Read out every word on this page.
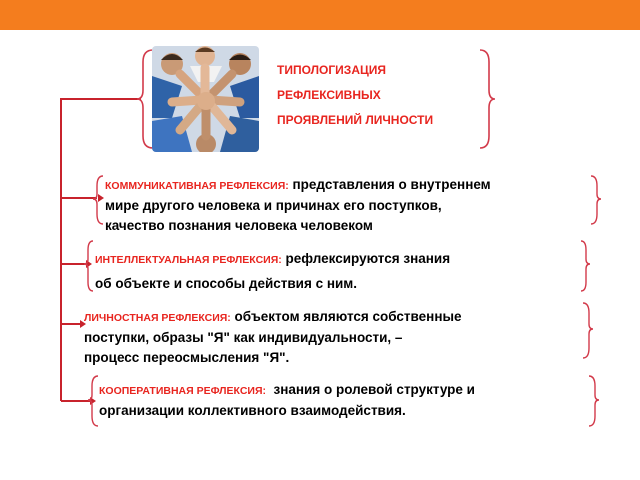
ТИПОЛОГИЗАЦИЯ
РЕФЛЕКСИВНЫХ
ПРОЯВЛЕНИЙ ЛИЧНОСТИ
КОММУНИКАТИВНАЯ РЕФЛЕКСИЯ: представления о внутреннем
мире другого человека и причинах его поступков,
качество познания человека человеком
ИНТЕЛЛЕКТУАЛЬНАЯ РЕФЛЕКСИЯ: рефлексируются знания
об объекте и способы действия с ним.
ЛИЧНОСТНАЯ РЕФЛЕКСИЯ: объектом являются собственные
поступки, образы "Я" как индивидуальности, –
процесс переосмысления "Я".
КООПЕРАТИВНАЯ РЕФЛЕКСИЯ:  знания о ролевой структуре и
организации коллективного взаимодействия.
